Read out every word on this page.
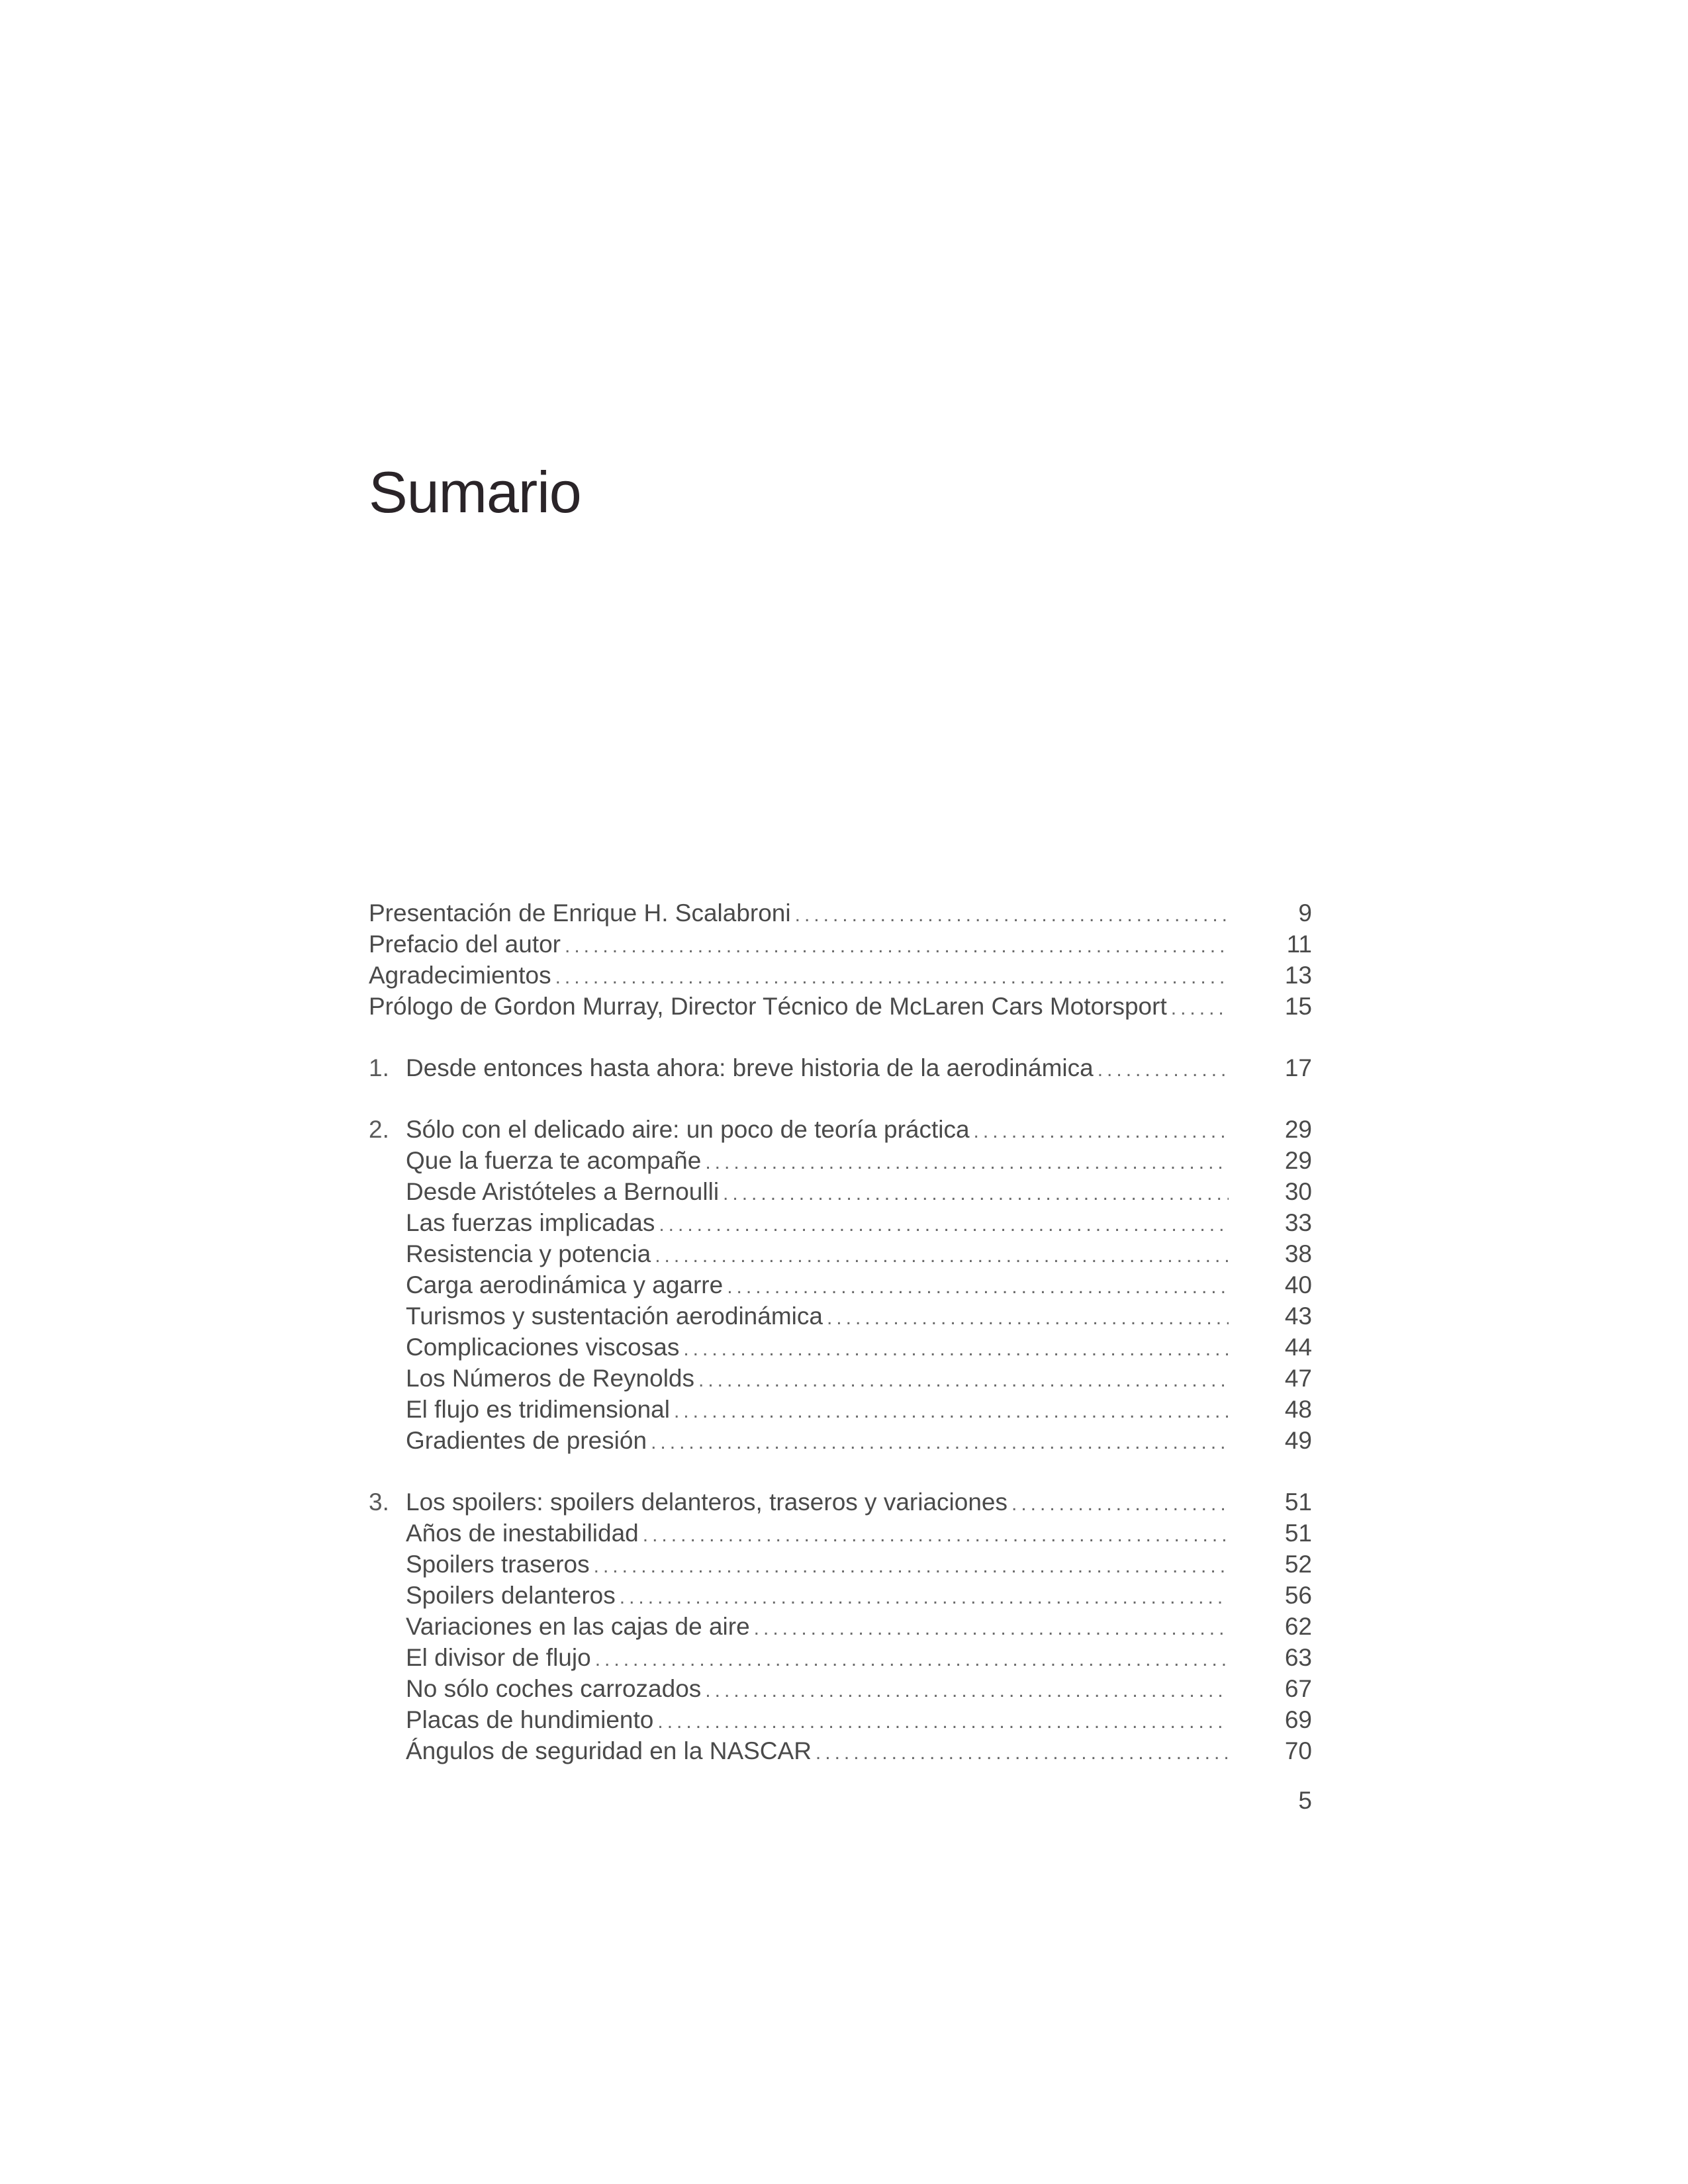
Sumario
Presentación de Enrique H. Scalabroni .....	9
Prefacio del autor .....	11
Agradecimientos .....	13
Prólogo de Gordon Murray, Director Técnico de McLaren Cars Motorsport .....	15
1. Desde entonces hasta ahora: breve historia de la aerodinámica .....	17
2. Sólo con el delicado aire: un poco de teoría práctica .....	29
Que la fuerza te acompañe .....	29
Desde Aristóteles a Bernoulli .....	30
Las fuerzas implicadas .....	33
Resistencia y potencia .....	38
Carga aerodinámica y agarre .....	40
Turismos y sustentación aerodinámica .....	43
Complicaciones viscosas .....	44
Los Números de Reynolds .....	47
El flujo es tridimensional .....	48
Gradientes de presión .....	49
3. Los spoilers: spoilers delanteros, traseros y variaciones .....	51
Años de inestabilidad .....	51
Spoilers traseros .....	52
Spoilers delanteros .....	56
Variaciones en las cajas de aire .....	62
El divisor de flujo .....	63
No sólo coches carrozados .....	67
Placas de hundimiento .....	69
Ángulos de seguridad en la NASCAR .....	70
5
